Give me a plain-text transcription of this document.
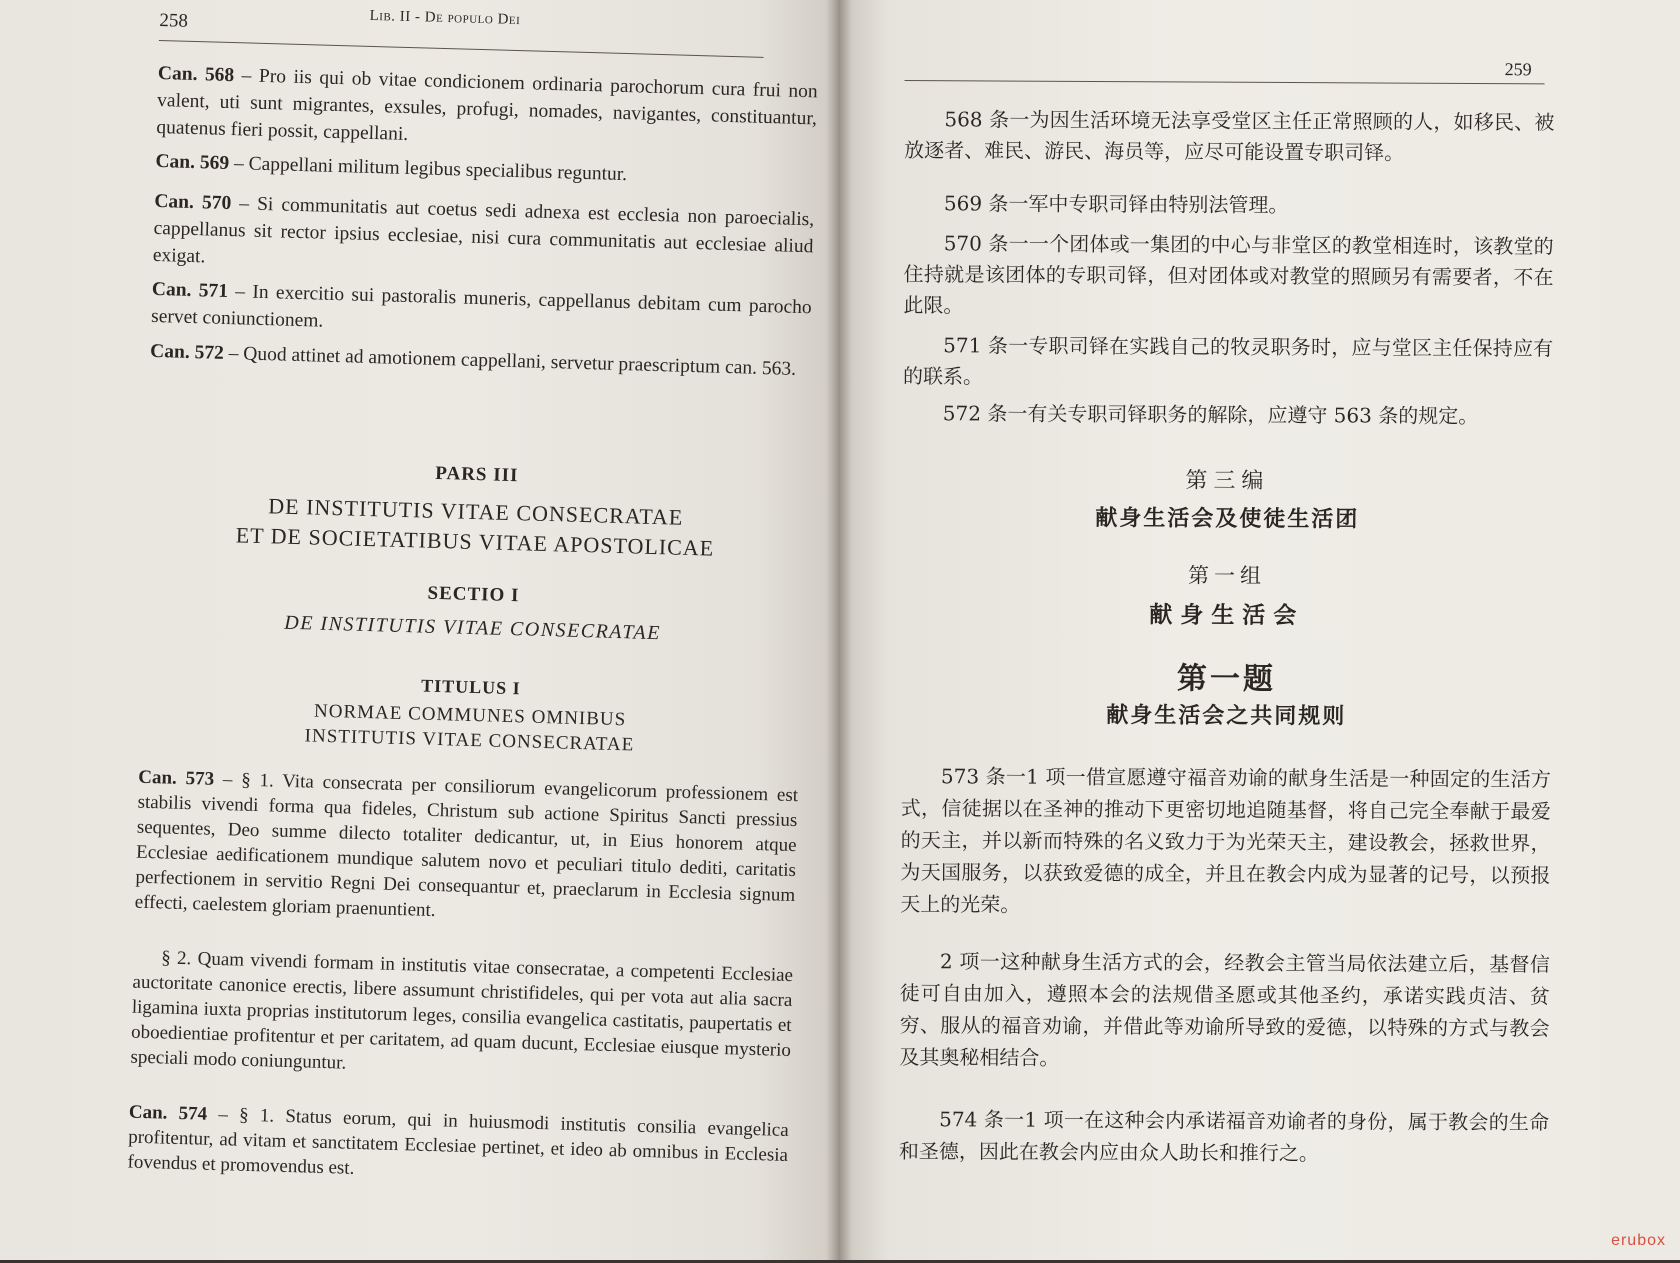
258	Lib. II - De populo Dei
Can. 568 – Pro iis qui ob vitae condicionem ordinaria parochorum cura frui non valent, uti sunt migrantes, exsules, profugi, nomades, navigantes, constituantur, quatenus fieri possit, cappellani.
Can. 569 – Cappellani militum legibus specialibus reguntur.
Can. 570 – Si communitatis aut coetus sedi adnexa est ecclesia non paroecialis, cappellanus sit rector ipsius ecclesiae, nisi cura communitatis aut ecclesiae aliud exigat.
Can. 571 – In exercitio sui pastoralis muneris, cappellanus debitam cum parocho servet coniunctionem.
Can. 572 – Quod attinet ad amotionem cappellani, servetur praescriptum can. 563.
PARS III
DE INSTITUTIS VITAE CONSECRATAE
ET DE SOCIETATIBUS VITAE APOSTOLICAE
SECTIO I
DE INSTITUTIS VITAE CONSECRATAE
TITULUS I
NORMAE COMMUNES OMNIBUS
INSTITUTIS VITAE CONSECRATAE
Can. 573 – § 1. Vita consecrata per consiliorum evangelicorum professionem est stabilis vivendi forma qua fideles, Christum sub actione Spiritus Sancti pressius sequentes, Deo summe dilecto totaliter dedicantur, ut, in Eius honorem atque Ecclesiae aedificationem mundique salutem novo et peculiari titulo dediti, caritatis perfectionem in servitio Regni Dei consequantur et, praeclarum in Ecclesia signum effecti, caelestem gloriam praenuntient.
§ 2. Quam vivendi formam in institutis vitae consecratae, a competenti Ecclesiae auctoritate canonice erectis, libere assumunt christifideles, qui per vota aut alia sacra ligamina iuxta proprias institutorum leges, consilia evangelica castitatis, paupertatis et oboedientiae profitentur et per caritatem, ad quam ducunt, Ecclesiae eiusque mysterio speciali modo coniunguntur.
Can. 574 – § 1. Status eorum, qui in huiusmodi institutis consilia evangelica profitentur, ad vitam et sanctitatem Ecclesiae pertinet, et ideo ab omnibus in Ecclesia fovendus et promovendus est.
259
568 条一为因生活环境无法享受堂区主任正常照顾的人，如移民、被放逐者、难民、游民、海员等，应尽可能设置专职司铎。
569 条一军中专职司铎由特别法管理。
570 条一一个团体或一集团的中心与非堂区的教堂相连时，该教堂的住持就是该团体的专职司铎，但对团体或对教堂的照顾另有需要者，不在此限。
571 条一专职司铎在实践自己的牧灵职务时，应与堂区主任保持应有的联系。
572 条一有关专职司铎职务的解除，应遵守 563 条的规定。
第三编
献身生活会及使徒生活团
第一组
献身生活会
第一题
献身生活会之共同规则
573 条一1 项一借宣愿遵守福音劝谕的献身生活是一种固定的生活方式，信徒据以在圣神的推动下更密切地追随基督，将自己完全奉献于最爱的天主，并以新而特殊的名义致力于为光荣天主，建设教会，拯救世界，为天国服务，以获致爱德的成全，并且在教会内成为显著的记号，以预报天上的光荣。
2 项一这种献身生活方式的会，经教会主管当局依法建立后，基督信徒可自由加入，遵照本会的法规借圣愿或其他圣约，承诺实践贞洁、贫穷、服从的福音劝谕，并借此等劝谕所导致的爱德，以特殊的方式与教会及其奥秘相结合。
574 条一1 项一在这种会内承诺福音劝谕者的身份，属于教会的生命和圣德，因此在教会内应由众人助长和推行之。
erubox
